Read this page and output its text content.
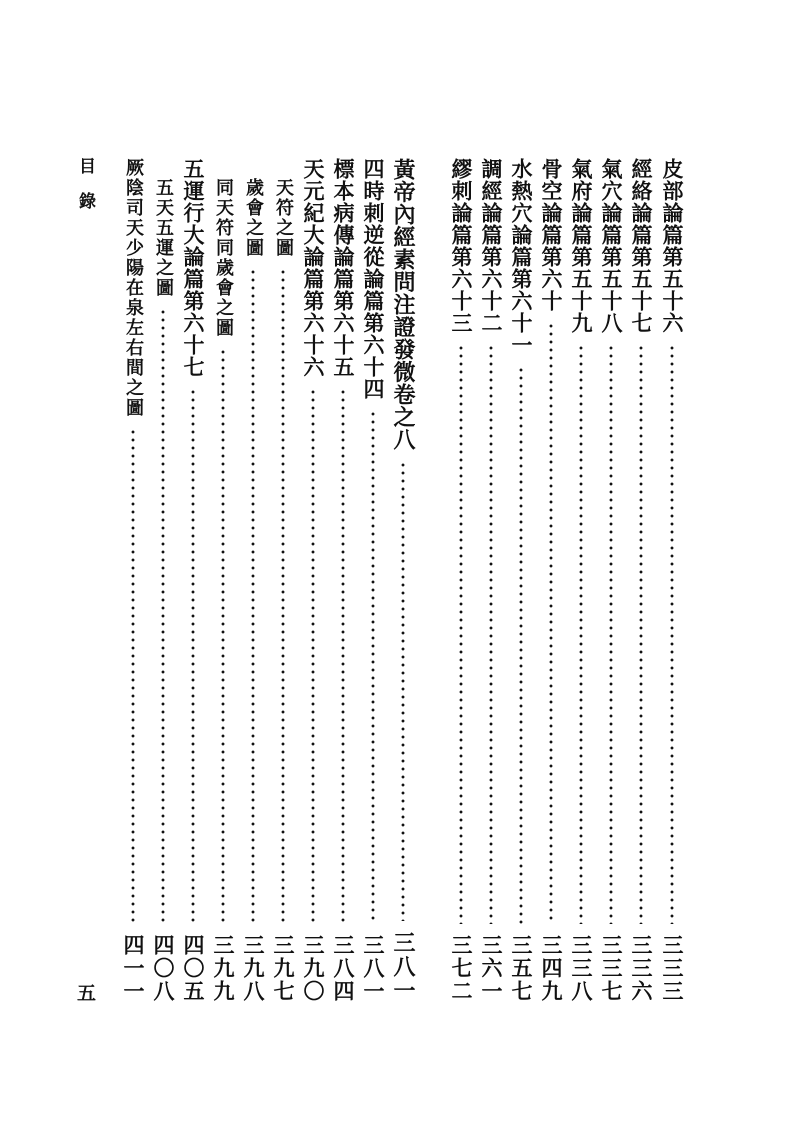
目錄	皮部論篇第五十六
三三三
經絡論篇第五十七
三三六
氣穴論篇第五十八
三三七
氣府論篇第五十九
三三八
骨空論篇第六十
三四九
水熱穴論篇第六十一
三五七
調經論篇第六十二
三六一
繆刺論篇第六十三
三七二
黃帝內經素問注證發微卷之八
三八一
四時刺逆從論篇第六十四
三八一
標本病傳論篇第六十五
三八四
天元紀大論篇第六十六
三九〇
天符之圖
三九七
歲會之圖
三九八
同天符同歲會之圖
三九九
五運行大論篇第六十七
四〇五
五天五運之圖
四〇八
厥陰司天少陽在泉左右間之圖
四一一
五
